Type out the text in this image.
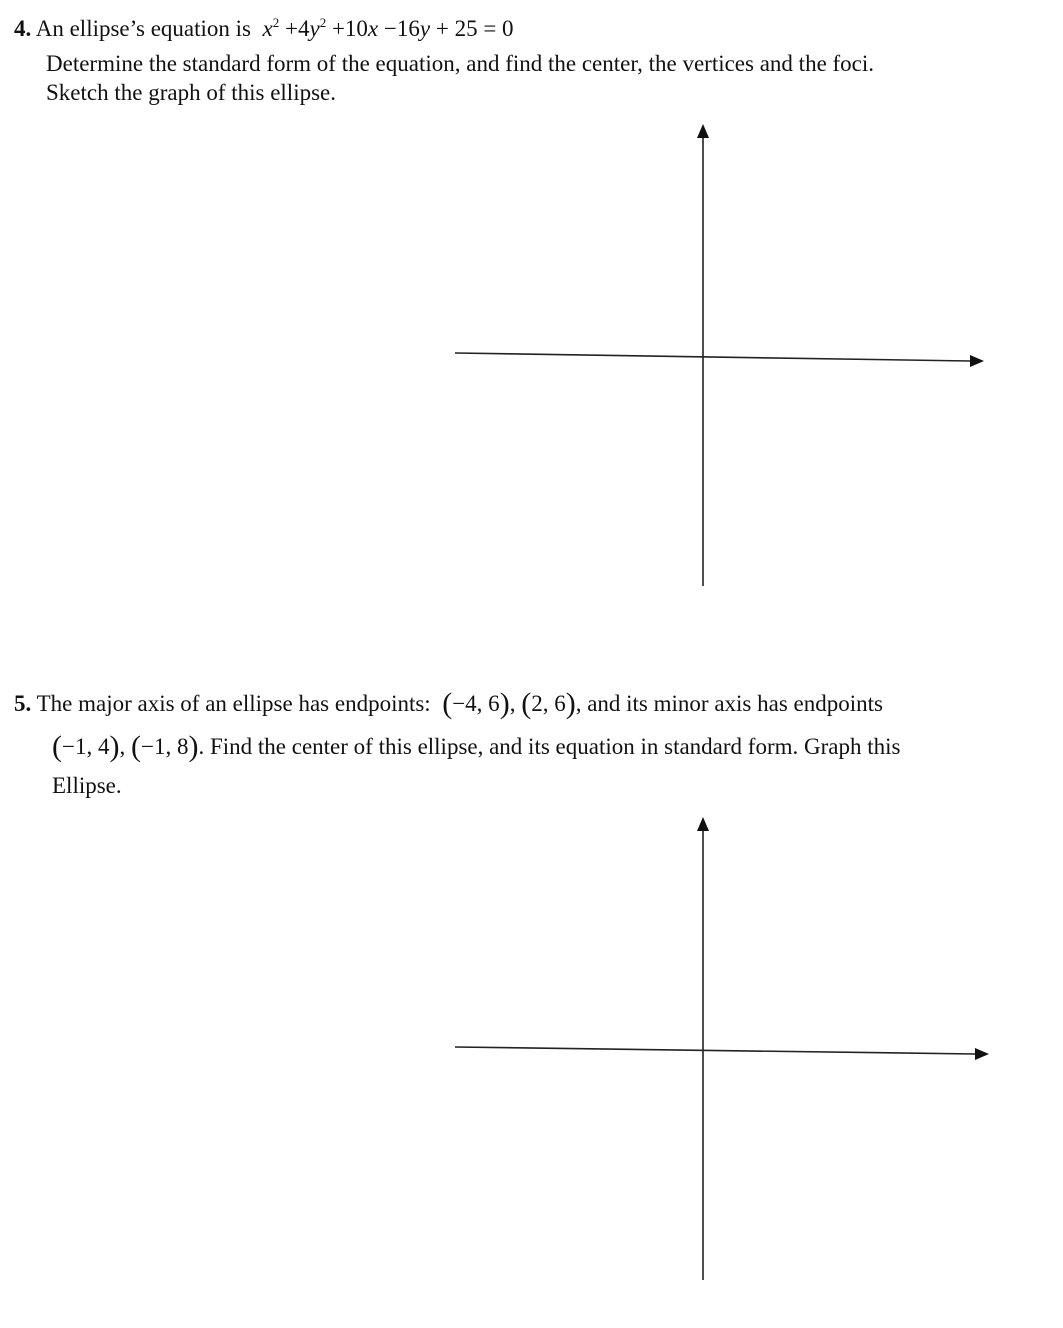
4. An ellipse’s equation is $x^2 +4y^2 +10x -16y + 25 = 0$
Determine the standard form of the equation, and find the center, the vertices and the foci.
Sketch the graph of this ellipse.
5. The major axis of an ellipse has endpoints: (−4, 6), (2, 6), and its minor axis has endpoints
(−1, 4), (−1, 8). Find the center of this ellipse, and its equation in standard form. Graph this
Ellipse.
